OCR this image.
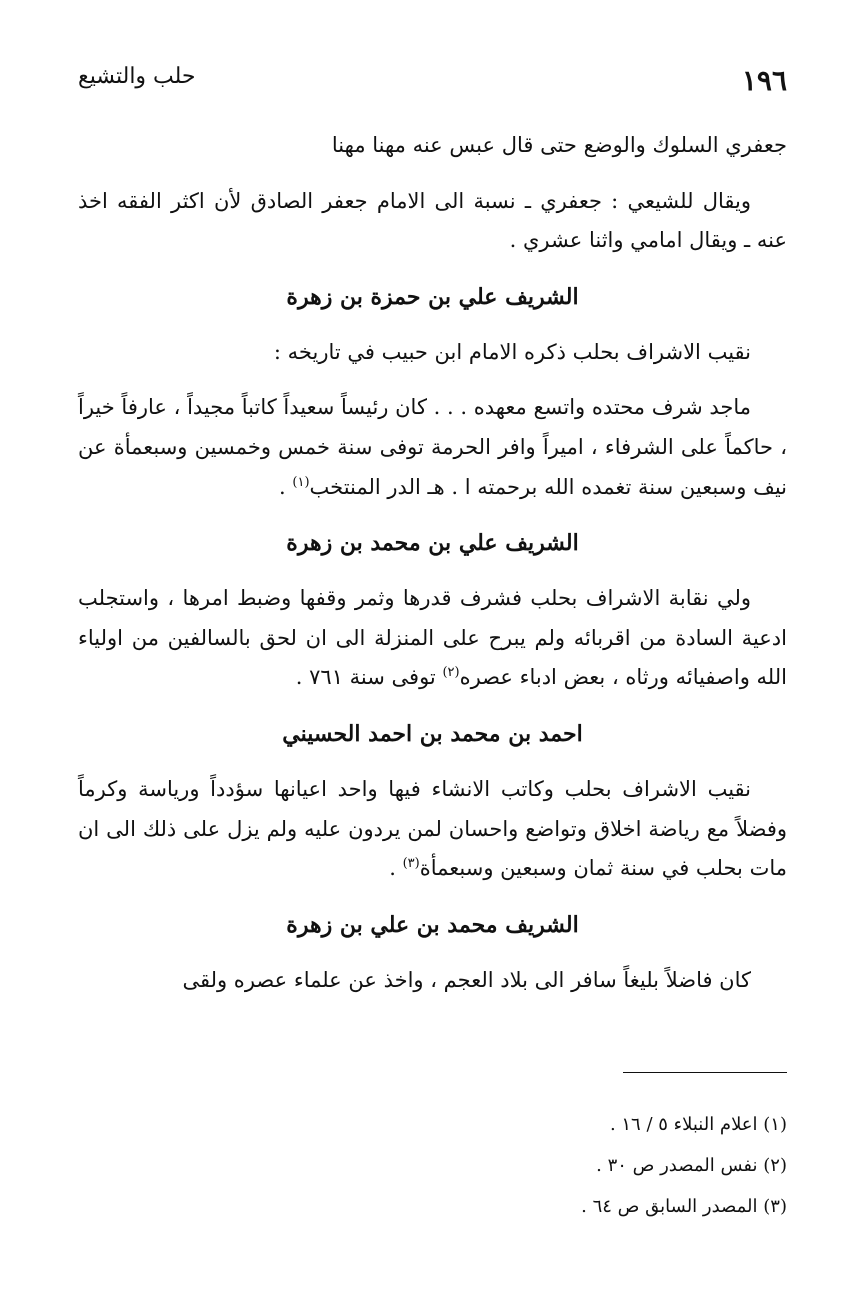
١٩٦
حلب والتشيع

جعفري السلوك والوضع حتى قال عبس عنه مهنا مهنا

ويقال للشيعي : جعفري ـ نسبة الى الامام جعفر الصادق لأن اكثر الفقه اخذ عنه ـ ويقال امامي واثنا عشري .

الشريف علي بن حمزة بن زهرة

نقيب الاشراف بحلب ذكره الامام ابن حبيب في تاريخه :

ماجد شرف محتده واتسع معهده . . . كان رئيساً سعيداً كاتباً مجيداً ، عارفاً خيراً ، حاكماً على الشرفاء ، اميراً وافر الحرمة توفى سنة خمس وخمسين وسبعمأة عن نيف وسبعين سنة تغمده الله برحمته ا . هـ الدر المنتخب$^{(١)}$ .

الشريف علي بن محمد بن زهرة

ولي نقابة الاشراف بحلب فشرف قدرها وثمر وقفها وضبط امرها ، واستجلب ادعية السادة من اقربائه ولم يبرح على المنزلة الى ان لحق بالسالفين من اولياء الله واصفيائه ورثاه ، بعض ادباء عصره$^{(٢)}$ توفى سنة ٧٦١ .

احمد بن محمد بن احمد الحسيني

نقيب الاشراف بحلب وكاتب الانشاء فيها واحد اعيانها سؤدداً ورياسة وكرماً وفضلاً مع رياضة اخلاق وتواضع واحسان لمن يردون عليه ولم يزل على ذلك الى ان مات بحلب في سنة ثمان وسبعين وسبعمأة$^{(٣)}$ .

الشريف محمد بن علي بن زهرة

كان فاضلاً بليغاً سافر الى بلاد العجم ، واخذ عن علماء عصره ولقى

(١) اعلام النبلاء ٥ / ١٦ .

(٢) نفس المصدر ص ٣٠ .

(٣) المصدر السابق ص ٦٤ .
